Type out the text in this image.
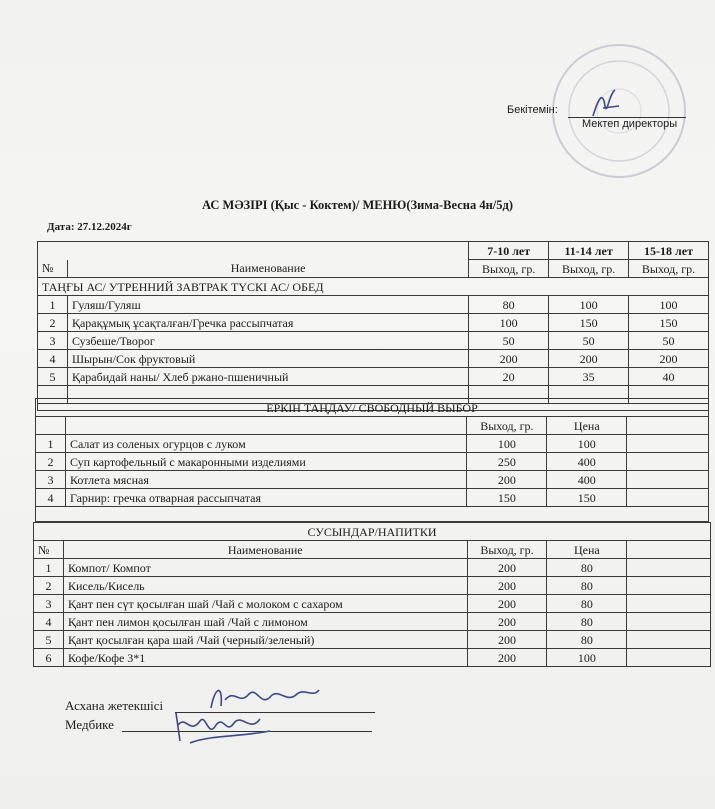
Бекітемін:
Мектеп директоры
АС МӘЗІРІ (Қыс - Коктем)/ МЕНЮ(Зима-Весна 4н/5д)
Дата: 27.12.2024г
		7-10 лет	11-14 лет	15-18 лет
№	Наименование	Выход, гр.	Выход, гр.	Выход, гр.
ТАҢҒЫ АС/ УТРЕННИЙ ЗАВТРАК ТҮСКІ АС/ ОБЕД				
1	Гуляш/Гуляш	80	100	100
2	Қарақұмық ұсақталған/Гречка рассыпчатая	100	150	150
3	Сузбеше/Творог	50	50	50
4	Шырын/Сок фруктовый	200	200	200
5	Қарабидай наны/ Хлеб ржано-пшеничный	20	35	40

ЕРКІН ТАҢДАУ/ СВОБОДНЫЙ ВЫБОР				
		Выход, гр.	Цена	
1	Салат из соленых огурцов с луком	100	100	
2	Суп картофельный с макаронными изделиями	250	400	
3	Котлета мясная	200	400	
4	Гарнир: гречка отварная рассыпчатая	150	150	

СУСЫНДАР/НАПИТКИ				
№	Наименование	Выход, гр.	Цена	
1	Компот/ Компот	200	80	
2	Кисель/Кисель	200	80	
3	Қант пен сүт қосылған шай /Чай с молоком с сахаром	200	80	
4	Қант пен лимон қосылған шай /Чай с лимоном	200	80	
5	Қант қосылған қара шай /Чай (черный/зеленый)	200	80	
6	Кофе/Кофе 3*1	200	100	
Асхана жетекшісі
Медбике
